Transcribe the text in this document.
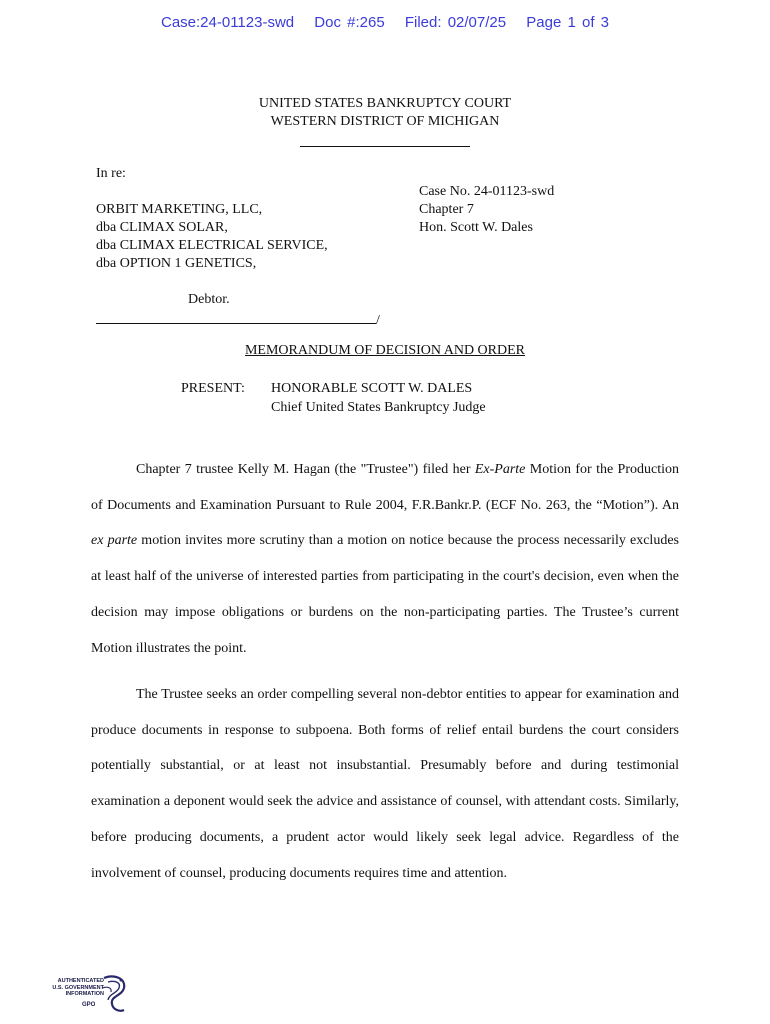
Case:24-01123-swd Doc #:265 Filed: 02/07/25 Page 1 of 3
UNITED STATES BANKRUPTCY COURT
WESTERN DISTRICT OF MICHIGAN
In re:
ORBIT MARKETING, LLC,
dba CLIMAX SOLAR,
dba CLIMAX ELECTRICAL SERVICE,
dba OPTION 1 GENETICS,
Debtor.
Case No. 24-01123-swd
Chapter 7
Hon. Scott W. Dales
/
MEMORANDUM OF DECISION AND ORDER
PRESENT: HONORABLE SCOTT W. DALES
Chief United States Bankruptcy Judge

Chapter 7 trustee Kelly M. Hagan (the "Trustee") filed her Ex-Parte Motion for the Production of Documents and Examination Pursuant to Rule 2004, F.R.Bankr.P. (ECF No. 263, the “Motion”). An ex parte motion invites more scrutiny than a motion on notice because the process necessarily excludes at least half of the universe of interested parties from participating in the court's decision, even when the decision may impose obligations or burdens on the non-participating parties. The Trustee’s current Motion illustrates the point.

The Trustee seeks an order compelling several non-debtor entities to appear for examination and produce documents in response to subpoena. Both forms of relief entail burdens the court considers potentially substantial, or at least not insubstantial. Presumably before and during testimonial examination a deponent would seek the advice and assistance of counsel, with attendant costs. Similarly, before producing documents, a prudent actor would likely seek legal advice. Regardless of the involvement of counsel, producing documents requires time and attention.

AUTHENTICATED
U.S. GOVERNMENT
INFORMATION
GPO
